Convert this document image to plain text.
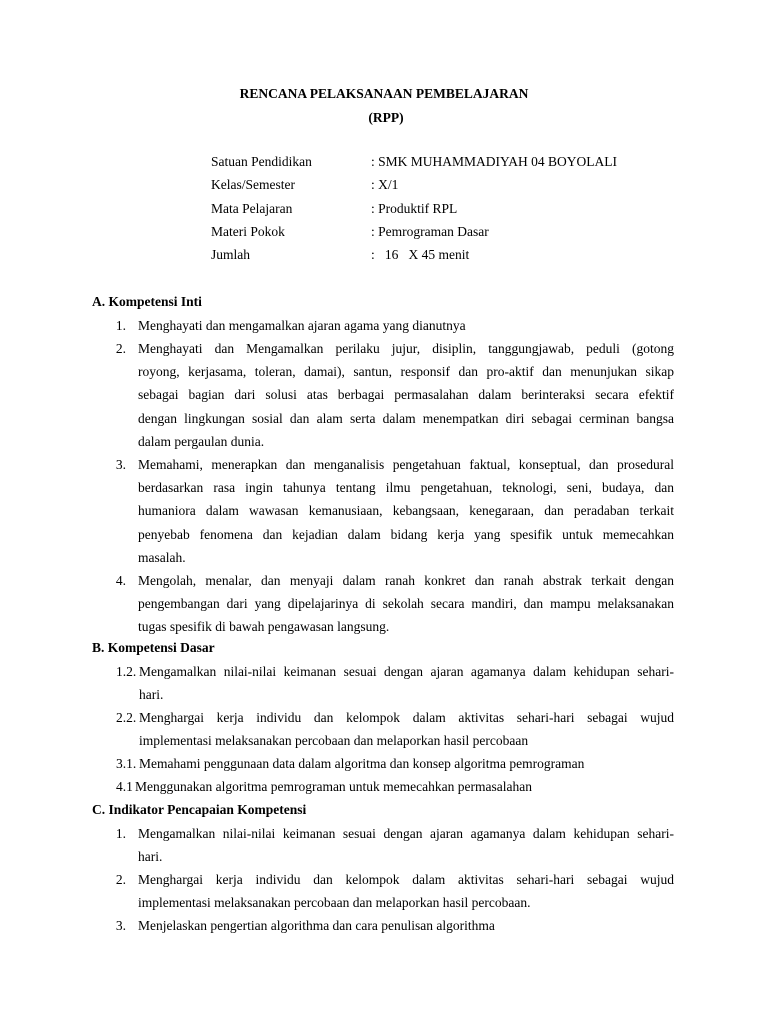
RENCANA PELAKSANAAN PEMBELAJARAN
(RPP)
Satuan Pendidikan	: SMK MUHAMMADIYAH 04 BOYOLALI
Kelas/Semester	: X/1
Mata Pelajaran	: Produktif RPL
Materi Pokok	: Pemrograman Dasar
Jumlah	:   16   X 45 menit
A. Kompetensi Inti
1. Menghayati dan mengamalkan ajaran agama yang dianutnya
2. Menghayati dan Mengamalkan perilaku jujur, disiplin, tanggungjawab, peduli (gotong
royong, kerjasama, toleran, damai), santun, responsif dan pro-aktif dan menunjukan sikap
sebagai bagian dari solusi atas berbagai permasalahan dalam berinteraksi secara efektif
dengan lingkungan sosial dan alam serta dalam menempatkan diri sebagai cerminan bangsa
dalam pergaulan dunia.
3. Memahami, menerapkan dan menganalisis pengetahuan faktual, konseptual, dan prosedural
berdasarkan rasa ingin tahunya tentang ilmu pengetahuan, teknologi, seni, budaya, dan
humaniora dalam wawasan kemanusiaan, kebangsaan, kenegaraan, dan peradaban terkait
penyebab fenomena dan kejadian dalam bidang kerja yang spesifik untuk memecahkan
masalah.
4. Mengolah, menalar, dan menyaji dalam ranah konkret dan ranah abstrak terkait dengan
pengembangan dari yang dipelajarinya di sekolah secara mandiri, dan mampu melaksanakan
tugas spesifik di bawah pengawasan langsung.
B. Kompetensi Dasar
1.2. Mengamalkan nilai-nilai keimanan sesuai dengan ajaran agamanya dalam kehidupan sehari-
hari.
2.2. Menghargai kerja individu dan kelompok dalam aktivitas sehari-hari sebagai wujud
implementasi melaksanakan percobaan dan melaporkan hasil percobaan
3.1. Memahami penggunaan data dalam algoritma dan konsep algoritma pemrograman
4.1 Menggunakan algoritma pemrograman untuk memecahkan permasalahan
C. Indikator Pencapaian Kompetensi
1. Mengamalkan nilai-nilai keimanan sesuai dengan ajaran agamanya dalam kehidupan sehari-
hari.
2. Menghargai kerja individu dan kelompok dalam aktivitas sehari-hari sebagai wujud
implementasi melaksanakan percobaan dan melaporkan hasil percobaan.
3. Menjelaskan pengertian algorithma dan cara penulisan algorithma
